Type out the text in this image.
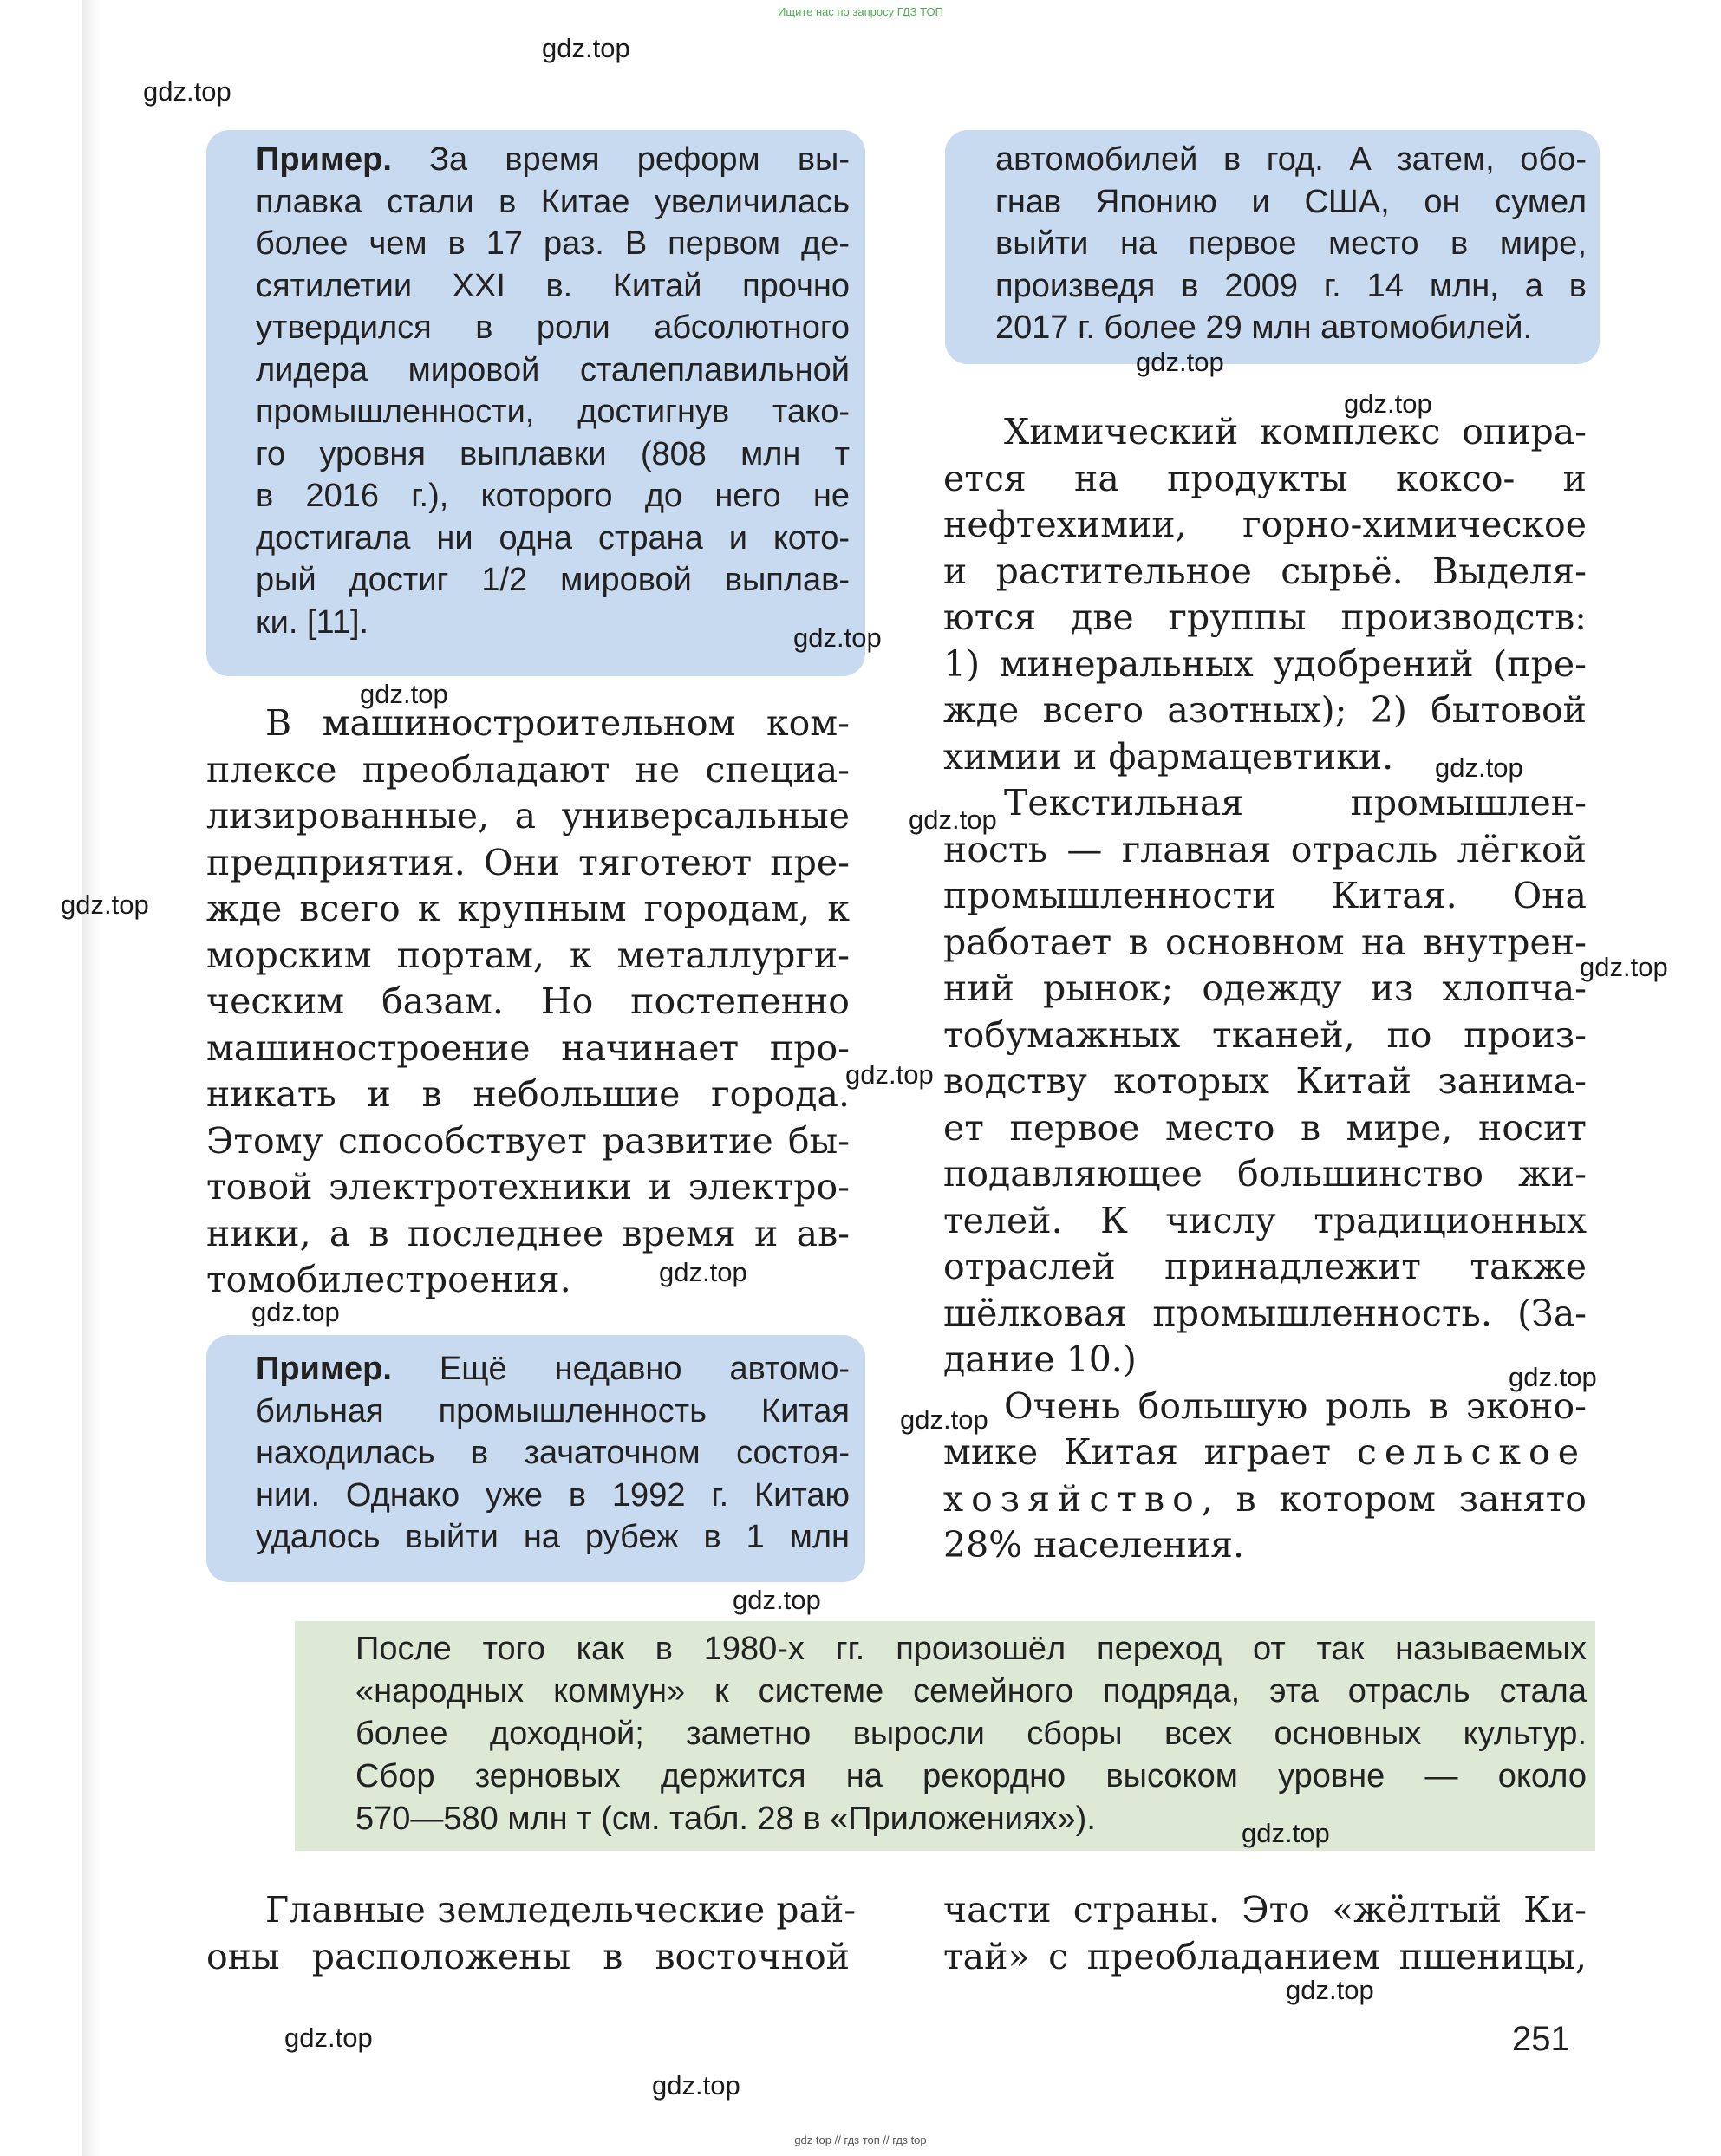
Ищите нас по запросу ГДЗ ТОП
Пример. За время реформ вы-
плавка стали в Китае увеличилась
более чем в 17 раз. В первом де-
сятилетии XXI в. Китай прочно
утвердился в роли абсолютного
лидера мировой сталеплавильной
промышленности, достигнув тако-
го уровня выплавки (808 млн т
в 2016 г.), которого до него не
достигала ни одна страна и кото-
рый достиг 1/2 мировой выплав-
ки. [11].
автомобилей в год. А затем, обо-
гнав Японию и США, он сумел
выйти на первое место в мире,
произведя в 2009 г. 14 млн, а в
2017 г. более 29 млн автомобилей.
В машиностроительном ком-
плексе преобладают не специа-
лизированные, а универсальные
предприятия. Они тяготеют пре-
жде всего к крупным городам, к
морским портам, к металлурги-
ческим базам. Но постепенно
машиностроение начинает про-
никать и в небольшие города.
Этому способствует развитие бы-
товой электротехники и электро-
ники, а в последнее время и ав-
томобилестроения.
Пример. Ещё недавно автомо-
бильная промышленность Китая
находилась в зачаточном состоя-
нии. Однако уже в 1992 г. Китаю
удалось выйти на рубеж в 1 млн
Химический комплекс опира-
ется на продукты коксо- и
нефтехимии, горно-химическое
и растительное сырьё. Выделя-
ются две группы производств:
1) минеральных удобрений (пре-
жде всего азотных); 2) бытовой
химии и фармацевтики.
Текстильная промышлен-
ность — главная отрасль лёгкой
промышленности Китая. Она
работает в основном на внутрен-
ний рынок; одежду из хлопча-
тобумажных тканей, по произ-
водству которых Китай занима-
ет первое место в мире, носит
подавляющее большинство жи-
телей. К числу традиционных
отраслей принадлежит также
шёлковая промышленность. (За-
дание 10.)
Очень большую роль в эконо-
мике Китая играет сельское
хозяйство, в котором занято
28% населения.
После того как в 1980-х гг. произошёл переход от так называемых
«народных коммун» к системе семейного подряда, эта отрасль стала
более доходной; заметно выросли сборы всех основных культур.
Сбор зерновых держится на рекордно высоком уровне — около
570—580 млн т (см. табл. 28 в «Приложениях»).
Главные земледельческие рай-
оны расположены в восточной
части страны. Это «жёлтый Ки-
тай» с преобладанием пшеницы,
251
gdz.top
gdz.top
gdz.top
gdz.top
gdz.top
gdz.top
gdz.top
gdz.top
gdz.top
gdz.top
gdz.top
gdz.top
gdz.top
gdz.top
gdz.top
gdz.top
gdz.top
gdz.top
gdz.top
gdz.top
gdz top // гдз топ // гдз top
